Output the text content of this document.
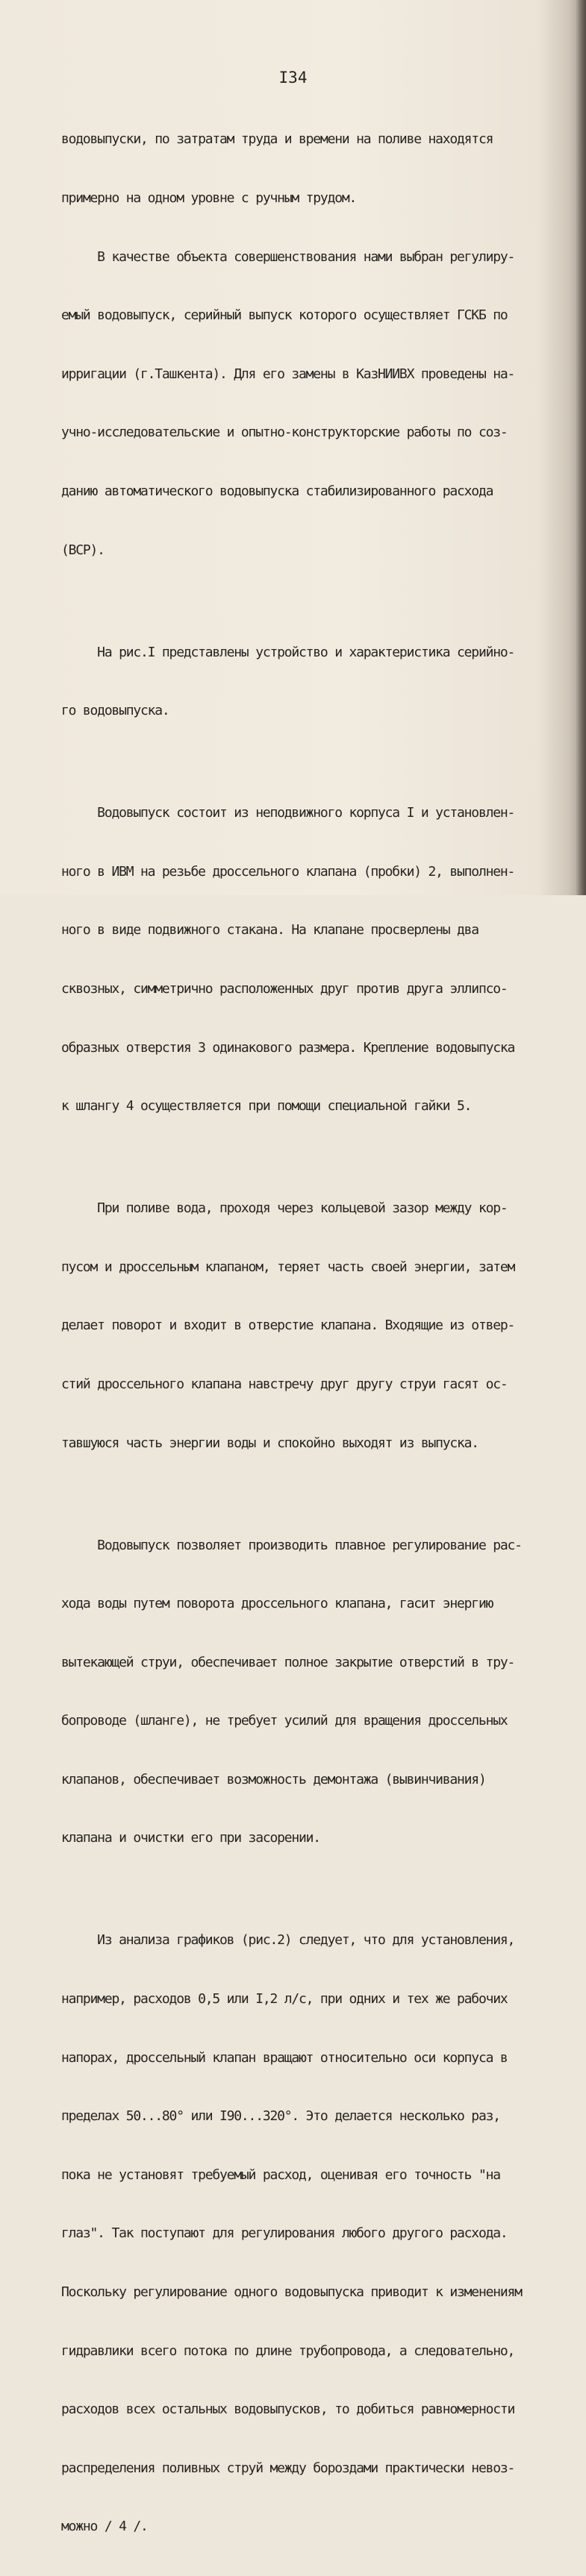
I34

водовыпуски, по затратам труда и времени на поливе находятся

примерно на одном уровне с ручным трудом.

В качестве объекта совершенствования нами выбран регулиру-

емый водовыпуск, серийный выпуск которого осуществляет ГСКБ по

ирригации (г.Ташкента). Для его замены в КазНИИВХ проведены на-

учно-исследовательские и опытно-конструкторские работы по соз-

данию автоматического водовыпуска стабилизированного расхода

(ВСР).

На рис.I представлены устройство и характеристика серийно-

го водовыпуска.

Водовыпуск состоит из неподвижного корпуса I и установлен-

ного в ИВМ на резьбе дроссельного клапана (пробки) 2, выполнен-

ного в виде подвижного стакана. На клапане просверлены два

сквозных, симметрично расположенных друг против друга эллипсо-

образных отверстия 3 одинакового размера. Крепление водовыпуска

к шлангу 4 осуществляется при помощи специальной гайки 5.

При поливе вода, проходя через кольцевой зазор между кор-

пусом и дроссельным клапаном, теряет часть своей энергии, затем

делает поворот и входит в отверстие клапана. Входящие из отвер-

стий дроссельного клапана навстречу друг другу струи гасят ос-

тавшуюся часть энергии воды и спокойно выходят из выпуска.

Водовыпуск позволяет производить плавное регулирование рас-

хода воды путем поворота дроссельного клапана, гасит энергию

вытекающей струи, обеспечивает полное закрытие отверстий в тру-

бопроводе (шланге), не требует усилий для вращения дроссельных

клапанов, обеспечивает возможность демонтажа (вывинчивания)

клапана и очистки его при засорении.

Из анализа графиков (рис.2) следует, что для установления,

например, расходов 0,5 или I,2 л/с, при одних и тех же рабочих

напорах, дроссельный клапан вращают относительно оси корпуса в

пределах 50...80° или I90...320°. Это делается несколько раз,

пока не установят требуемый расход, оценивая его точность "на

глаз". Так поступают для регулирования любого другого расхода.

Поскольку регулирование одного водовыпуска приводит к изменениям

гидравлики всего потока по длине трубопровода, а следовательно,

расходов всех остальных водовыпусков, то добиться равномерности

распределения поливных струй между бороздами практически невоз-

можно / 4 /.
